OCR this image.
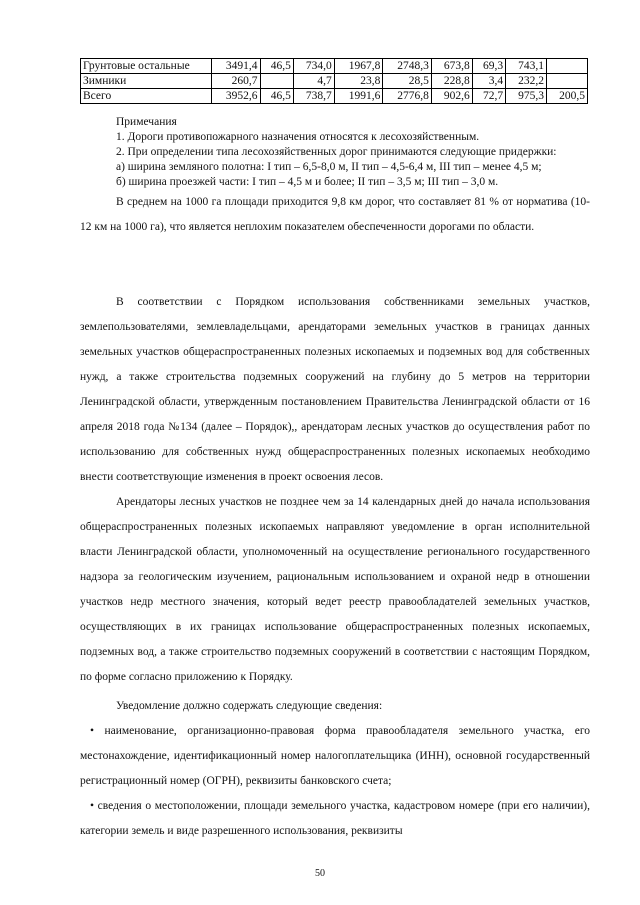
Грунтовые остальные	3491,4	46,5	734,0	1967,8	2748,3	673,8	69,3	743,1	
Зимники	260,7		4,7	23,8	28,5	228,8	3,4	232,2	
Всего	3952,6	46,5	738,7	1991,6	2776,8	902,6	72,7	975,3	200,5
Примечания
1. Дороги противопожарного назначения относятся к лесохозяйственным.
2. При определении типа лесохозяйственных дорог принимаются следующие придержки:
а) ширина земляного полотна: I тип – 6,5-8,0 м, II тип – 4,5-6,4 м, III тип – менее 4,5 м;
б) ширина проезжей части: I тип – 4,5 м и более; II тип – 3,5 м; III тип – 3,0 м.
В среднем на 1000 га площади приходится 9,8 км дорог, что составляет 81 % от норматива (10-12 км на 1000 га), что является неплохим показателем обеспеченности дорогами по области.

В соответствии с Порядком использования собственниками земельных участков, землепользователями, землевладельцами, арендаторами земельных участков в границах данных земельных участков общераспространенных полезных ископаемых и подземных вод для собственных нужд, а также строительства подземных сооружений на глубину до 5 метров на территории Ленинградской области, утвержденным постановлением Правительства Ленинградской области от 16 апреля 2018 года №134 (далее – Порядок),, арендаторам лесных участков до осуществления работ по использованию для собственных нужд общераспространенных полезных ископаемых необходимо внести соответствующие изменения в проект освоения лесов.

Арендаторы лесных участков не позднее чем за 14 календарных дней до начала использования общераспространенных полезных ископаемых направляют уведомление в орган исполнительной власти Ленинградской области, уполномоченный на осуществление регионального государственного надзора за геологическим изучением, рациональным использованием и охраной недр в отношении участков недр местного значения, который ведет реестр правообладателей земельных участков, осуществляющих в их границах использование общераспространенных полезных ископаемых, подземных вод, а также строительство подземных сооружений в соответствии с настоящим Порядком, по форме согласно приложению к Порядку.

Уведомление должно содержать следующие сведения:

• наименование, организационно-правовая форма правообладателя земельного участка, его местонахождение, идентификационный номер налогоплательщика (ИНН), основной государственный регистрационный номер (ОГРН), реквизиты банковского счета;

• сведения о местоположении, площади земельного участка, кадастровом номере (при его наличии), категории земель и виде разрешенного использования, реквизиты

50
